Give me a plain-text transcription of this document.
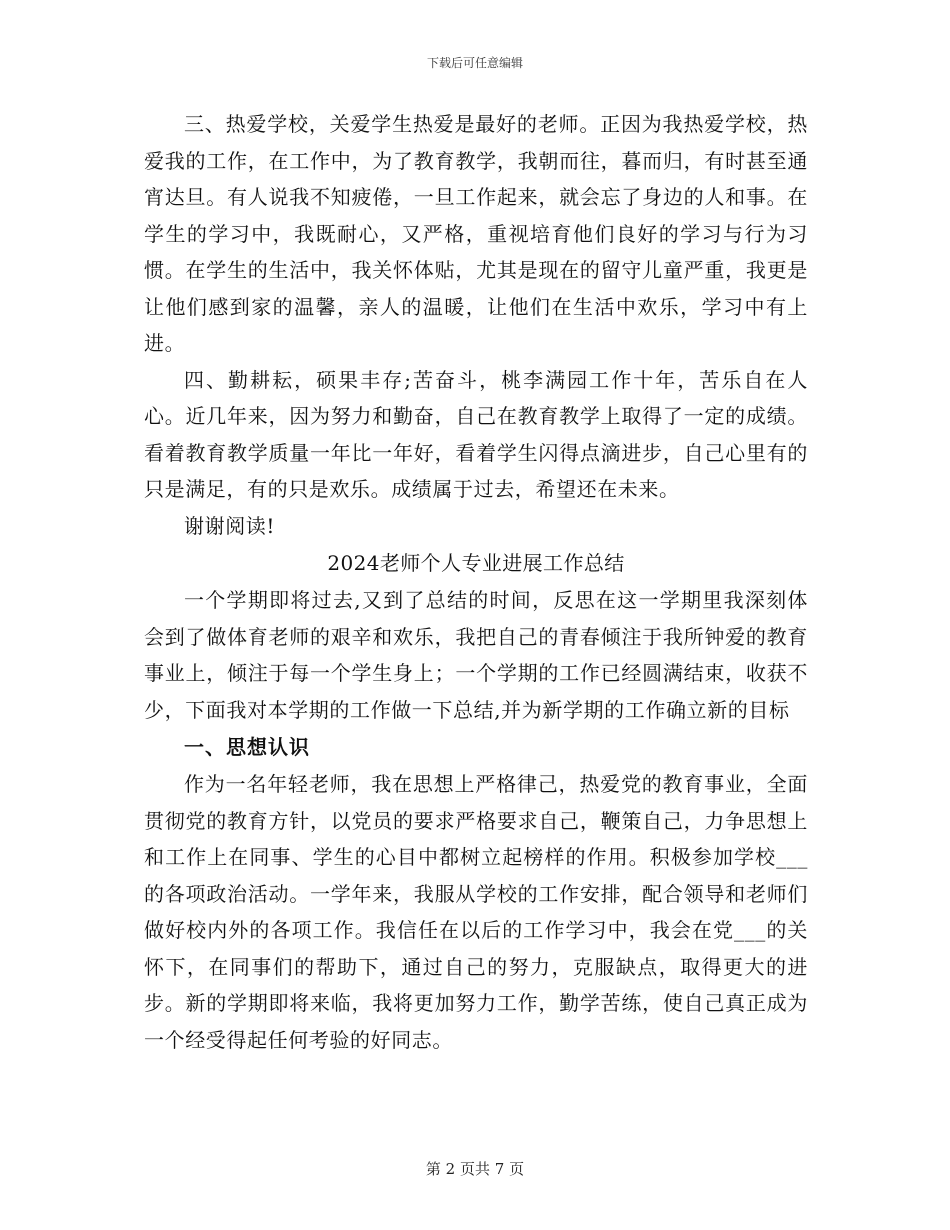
下载后可任意编辑

三、热爱学校，关爱学生热爱是最好的老师。正因为我热爱学校，热爱我的工作，在工作中，为了教育教学，我朝而往，暮而归，有时甚至通宵达旦。有人说我不知疲倦，一旦工作起来，就会忘了身边的人和事。在学生的学习中，我既耐心，又严格，重视培育他们良好的学习与行为习惯。在学生的生活中，我关怀体贴，尤其是现在的留守儿童严重，我更是让他们感到家的温馨，亲人的温暖，让他们在生活中欢乐，学习中有上进。

四、勤耕耘，硕果丰存;苦奋斗，桃李满园工作十年，苦乐自在人心。近几年来，因为努力和勤奋，自己在教育教学上取得了一定的成绩。看着教育教学质量一年比一年好，看着学生闪得点滴进步，自己心里有的只是满足，有的只是欢乐。成绩属于过去，希望还在未来。

谢谢阅读!

2024老师个人专业进展工作总结

一个学期即将过去,又到了总结的时间，反思在这一学期里我深刻体会到了做体育老师的艰辛和欢乐，我把自己的青春倾注于我所钟爱的教育事业上，倾注于每一个学生身上；一个学期的工作已经圆满结束，收获不少，下面我对本学期的工作做一下总结,并为新学期的工作确立新的目标

一、思想认识

作为一名年轻老师，我在思想上严格律己，热爱党的教育事业，全面贯彻党的教育方针，以党员的要求严格要求自己，鞭策自己，力争思想上和工作上在同事、学生的心目中都树立起榜样的作用。积极参加学校___的各项政治活动。一学年来，我服从学校的工作安排，配合领导和老师们做好校内外的各项工作。我信任在以后的工作学习中，我会在党___的关怀下，在同事们的帮助下，通过自己的努力，克服缺点，取得更大的进步。新的学期即将来临，我将更加努力工作，勤学苦练，使自己真正成为一个经受得起任何考验的好同志。

第 2 页共 7 页
